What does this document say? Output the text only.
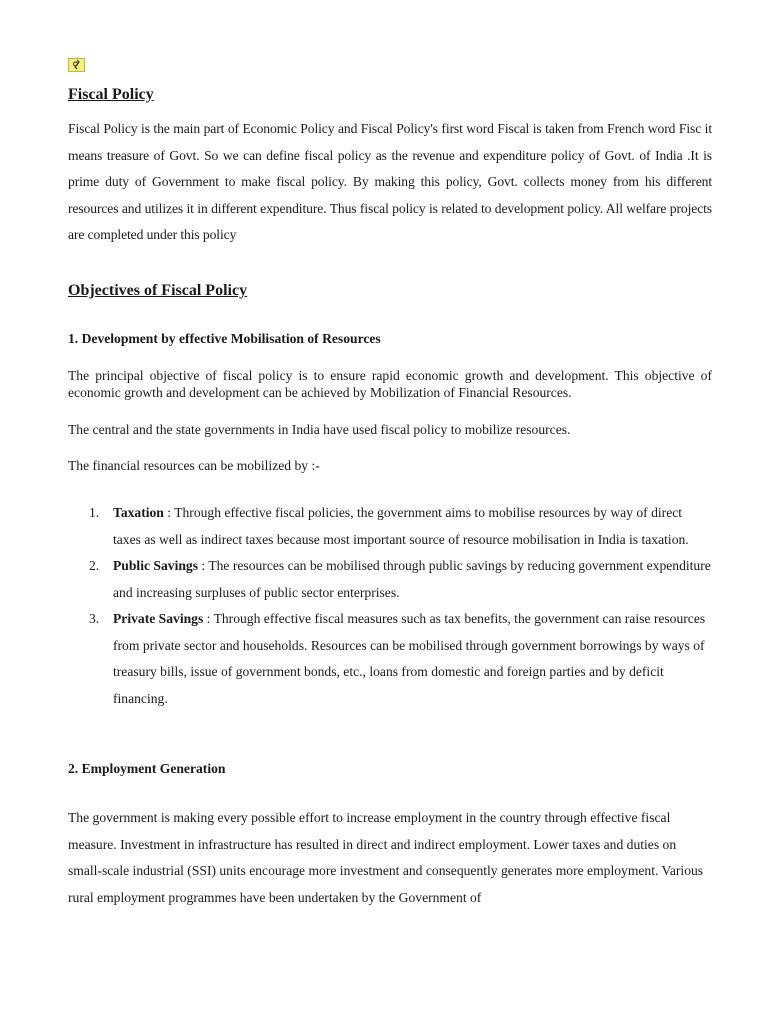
Fiscal Policy

Fiscal Policy is the main part of Economic Policy and Fiscal Policy's first word Fiscal is taken from French word Fisc it means treasure of Govt. So we can define fiscal policy as the revenue and expenditure policy of Govt. of India .It is prime duty of Government to make fiscal policy. By making this policy, Govt. collects money from his different resources and utilizes it in different expenditure. Thus fiscal policy is related to development policy. All welfare projects are completed under this policy

Objectives of Fiscal Policy
1. Development by effective Mobilisation of Resources

The principal objective of fiscal policy is to ensure rapid economic growth and development. This objective of economic growth and development can be achieved by Mobilization of Financial Resources.

The central and the state governments in India have used fiscal policy to mobilize resources.

The financial resources can be mobilized by :-

1. Taxation : Through effective fiscal policies, the government aims to mobilise resources by way of direct taxes as well as indirect taxes because most important source of resource mobilisation in India is taxation.
2. Public Savings : The resources can be mobilised through public savings by reducing government expenditure and increasing surpluses of public sector enterprises.
3. Private Savings : Through effective fiscal measures such as tax benefits, the government can raise resources from private sector and households. Resources can be mobilised through government borrowings by ways of treasury bills, issue of government bonds, etc., loans from domestic and foreign parties and by deficit financing.
2. Employment Generation

The government is making every possible effort to increase employment in the country through effective fiscal measure. Investment in infrastructure has resulted in direct and indirect employment. Lower taxes and duties on small-scale industrial (SSI) units encourage more investment and consequently generates more employment. Various rural employment programmes have been undertaken by the Government of
